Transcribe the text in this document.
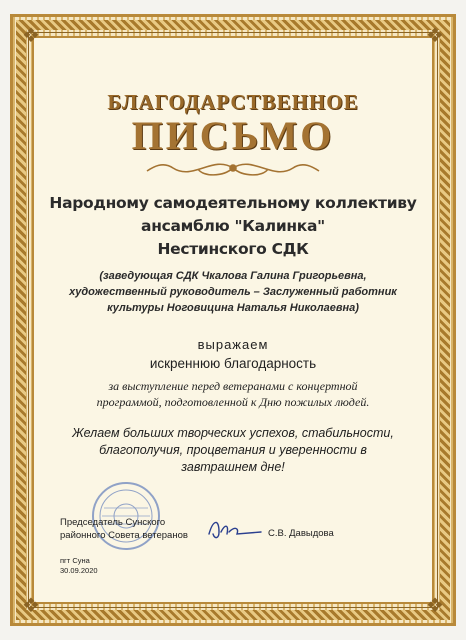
❖	❖
❖	❖
БЛАГОДАРСТВЕННОЕ
ПИСЬМО
Народному самодеятельному коллективу
ансамблю "Калинка"
Нестинского СДК
(заведующая СДК Чкалова Галина Григорьевна,
художественный руководитель – Заслуженный работник
культуры Ноговицина Наталья Николаевна)
выражаем
искреннюю благодарность
за выступление перед ветеранами с концертной
программой, подготовленной к Дню пожилых людей.
Желаем больших творческих успехов, стабильности,
благополучия, процветания и уверенности в
завтрашнем дне!
Председатель Сунского
районного Совета ветеранов	С.В. Давыдова
пгт Суна
30.09.2020
